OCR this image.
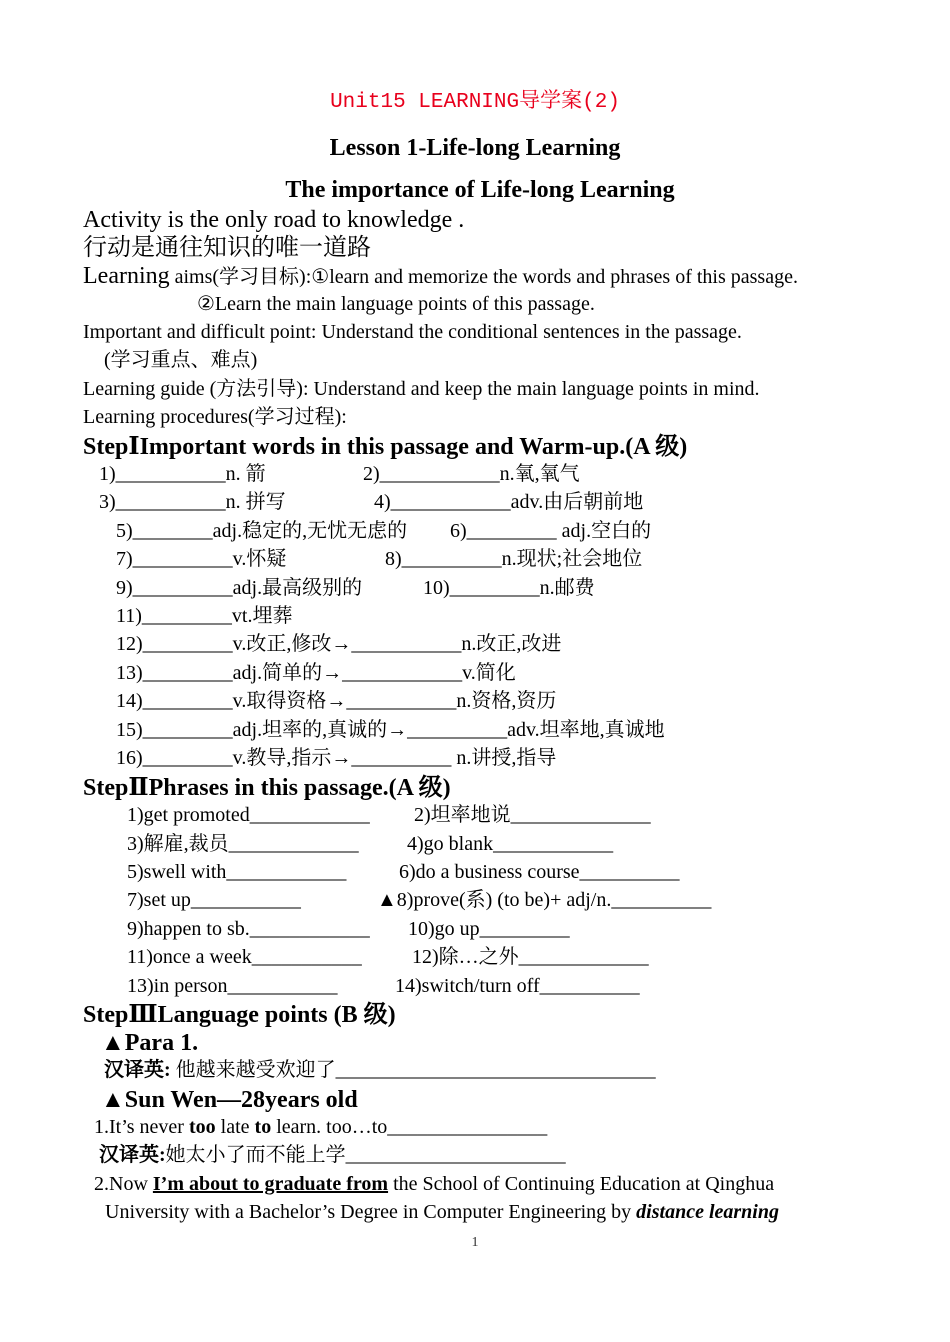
Unit15 LEARNING导学案(2)
Lesson 1-Life-long Learning
The importance of Life-long Learning
Activity is the only road to knowledge .
行动是通往知识的唯一道路
Learning aims(学习目标):①learn and memorize the words and phrases of this passage.
②Learn the main language points of this passage.
Important and difficult point: Understand the conditional sentences in the passage.
(学习重点、难点)
Learning guide (方法引导): Understand and keep the main language points in mind.
Learning procedures(学习过程):
StepⅠImportant words in this passage and Warm-up.(A 级)
1)___________n. 箭	2)____________n.氧,氧气
3)___________n. 拼写	4)____________adv.由后朝前地
5)________adj.稳定的,无忧无虑的 6)_________ adj.空白的
7)__________v.怀疑	8)__________n.现状;社会地位
9)__________adj.最高级别的	10)_________n.邮费
11)_________vt.埋葬
12)_________v.改正,修改→___________n.改正,改进
13)_________adj.简单的→____________v.简化
14)_________v.取得资格→___________n.资格,资历
15)_________adj.坦率的,真诚的→__________adv.坦率地,真诚地
16)_________v.教导,指示→__________ n.讲授,指导
StepⅡPhrases in this passage.(A 级)
1)get promoted____________ 2)坦率地说______________
3)解雇,裁员_____________ 4)go blank____________
5)swell with____________	6)do a business course__________
7)set up___________	▲8)prove(系) (to be)+ adj/n.__________
9)happen to sb.____________ 10)go up_________
11)once a week___________	12)除…之外_____________
13)in person___________	14)switch/turn off__________
StepⅢLanguage points (B 级)
▲Para 1.
汉译英: 他越来越受欢迎了________________________________
▲Sun Wen—28years old
1.It’s never too late to learn. too…to________________
汉译英:她太小了而不能上学______________________
2.Now I’m about to graduate from the School of Continuing Education at Qinghua
University with a Bachelor’s Degree in Computer Engineering by distance learning
1
